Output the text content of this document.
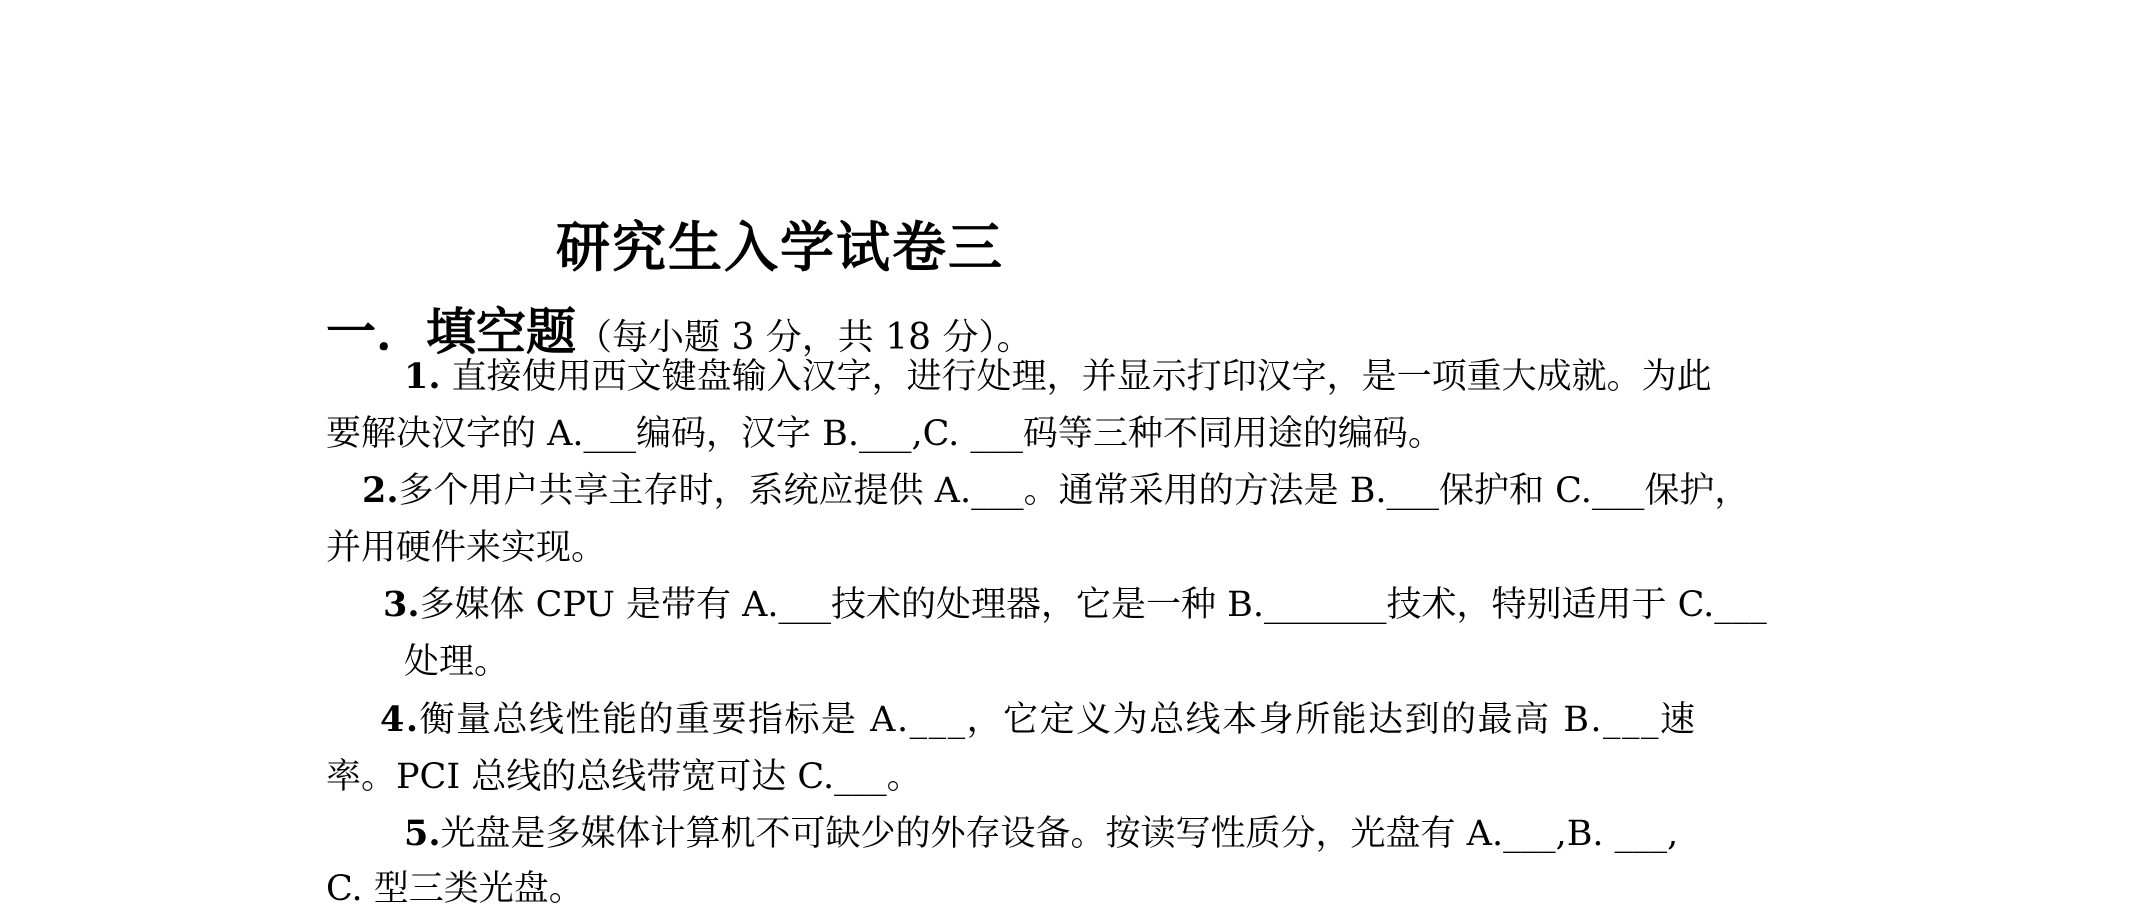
研究生入学试卷三
一．填空题（每小题 3 分，共 18 分）。
1. 直接使用西文键盘输入汉字，进行处理，并显示打印汉字，是一项重大成就。为此
要解决汉字的 A.___编码，汉字 B.___,C. ___码等三种不同用途的编码。
2.多个用户共享主存时，系统应提供 A.___。通常采用的方法是 B.___保护和 C.___保护，
并用硬件来实现。
3.多媒体 CPU 是带有 A.___技术的处理器，它是一种 B._______技术，特别适用于 C.___
处理。
4.衡量总线性能的重要指标是 A.___，它定义为总线本身所能达到的最高 B.___速
率。PCI 总线的总线带宽可达 C.___。
5.光盘是多媒体计算机不可缺少的外存设备。按读写性质分，光盘有 A.___,B. ___,
C. 型三类光盘。
